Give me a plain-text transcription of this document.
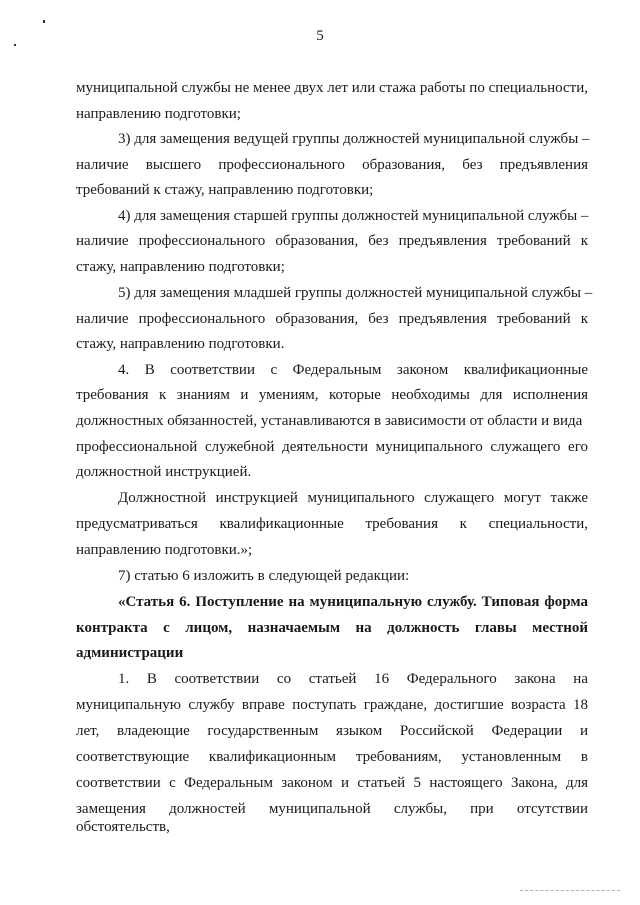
5
муниципальной службы не менее двух лет или стажа работы по специальности,
направлению подготовки;
3) для замещения ведущей группы должностей муниципальной службы –
наличие высшего профессионального образования, без предъявления
требований к стажу, направлению подготовки;
4) для замещения старшей группы должностей муниципальной службы –
наличие профессионального образования, без предъявления требований к
стажу, направлению подготовки;
5) для замещения младшей группы должностей муниципальной службы –
наличие профессионального образования, без предъявления требований к
стажу, направлению подготовки.
4. В соответствии с Федеральным законом квалификационные
требования к знаниям и умениям, которые необходимы для исполнения
должностных обязанностей, устанавливаются в зависимости от области и вида
профессиональной служебной деятельности муниципального служащего его
должностной инструкцией.
Должностной инструкцией муниципального служащего могут также
предусматриваться квалификационные требования к специальности,
направлению подготовки.»;
7) статью 6 изложить в следующей редакции:
«Статья 6. Поступление на муниципальную службу. Типовая форма
контракта с лицом, назначаемым на должность главы местной
администрации
1. В соответствии со статьей 16 Федерального закона на
муниципальную службу вправе поступать граждане, достигшие возраста 18
лет, владеющие государственным языком Российской Федерации и
соответствующие квалификационным требованиям, установленным в
соответствии с Федеральным законом и статьей 5 настоящего Закона, для
замещения должностей муниципальной службы, при отсутствии обстоятельств,
